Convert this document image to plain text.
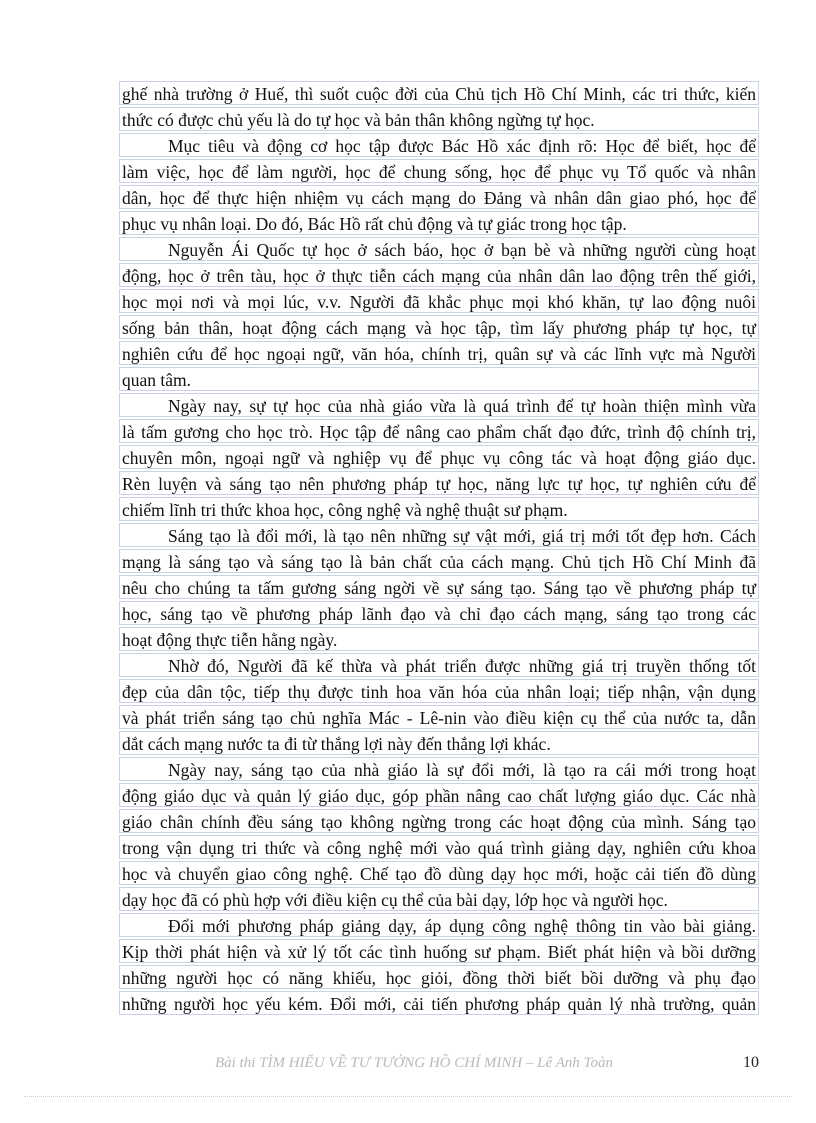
ghế nhà trường ở Huế, thì suốt cuộc đời của Chủ tịch Hồ Chí Minh, các tri thức, kiến
thức có được chủ yếu là do tự học và bản thân không ngừng tự học.
Mục tiêu và động cơ học tập được Bác Hồ xác định rõ: Học để biết, học để
làm việc, học để làm người, học để chung sống, học để phục vụ Tổ quốc và nhân
dân, học để thực hiện nhiệm vụ cách mạng do Đảng và nhân dân giao phó, học để
phục vụ nhân loại. Do đó, Bác Hồ rất chủ động và tự giác trong học tập.
Nguyễn Ái Quốc tự học ở sách báo, học ở bạn bè và những người cùng hoạt
động, học ở trên tàu, học ở thực tiễn cách mạng của nhân dân lao động trên thế giới,
học mọi nơi và mọi lúc, v.v. Người đã khắc phục mọi khó khăn, tự lao động nuôi
sống bản thân, hoạt động cách mạng và học tập, tìm lấy phương pháp tự học, tự
nghiên cứu để học ngoại ngữ, văn hóa, chính trị, quân sự và các lĩnh vực mà Người
quan tâm.
Ngày nay, sự tự học của nhà giáo vừa là quá trình để tự hoàn thiện mình vừa
là tấm gương cho học trò. Học tập để nâng cao phẩm chất đạo đức, trình độ chính trị,
chuyên môn, ngoại ngữ và nghiệp vụ để phục vụ công tác và hoạt động giáo dục.
Rèn luyện và sáng tạo nên phương pháp tự học, năng lực tự học, tự nghiên cứu để
chiếm lĩnh tri thức khoa học, công nghệ và nghệ thuật sư phạm.
Sáng tạo là đổi mới, là tạo nên những sự vật mới, giá trị mới tốt đẹp hơn. Cách
mạng là sáng tạo và sáng tạo là bản chất của cách mạng. Chủ tịch Hồ Chí Minh đã
nêu cho chúng ta tấm gương sáng ngời về sự sáng tạo. Sáng tạo về phương pháp tự
học, sáng tạo về phương pháp lãnh đạo và chỉ đạo cách mạng, sáng tạo trong các
hoạt động thực tiễn hằng ngày.
Nhờ đó, Người đã kế thừa và phát triển được những giá trị truyền thống tốt
đẹp của dân tộc, tiếp thụ được tinh hoa văn hóa của nhân loại; tiếp nhận, vận dụng
và phát triển sáng tạo chủ nghĩa Mác - Lê-nin vào điều kiện cụ thể của nước ta, dẫn
dắt cách mạng nước ta đi từ thắng lợi này đến thắng lợi khác.
Ngày nay, sáng tạo của nhà giáo là sự đổi mới, là tạo ra cái mới trong hoạt
động giáo dục và quản lý giáo dục, góp phần nâng cao chất lượng giáo dục. Các nhà
giáo chân chính đều sáng tạo không ngừng trong các hoạt động của mình. Sáng tạo
trong vận dụng tri thức và công nghệ mới vào quá trình giảng dạy, nghiên cứu khoa
học và chuyển giao công nghệ. Chế tạo đồ dùng dạy học mới, hoặc cải tiến đồ dùng
dạy học đã có phù hợp với điều kiện cụ thể của bài dạy, lớp học và người học.
Đổi mới phương pháp giảng dạy, áp dụng công nghệ thông tin vào bài giảng.
Kịp thời phát hiện và xử lý tốt các tình huống sư phạm. Biết phát hiện và bồi dưỡng
những người học có năng khiếu, học giỏi, đồng thời biết bồi dưỡng và phụ đạo
những người học yếu kém. Đổi mới, cải tiến phương pháp quản lý nhà trường, quản
Bài thi TÌM HIỂU VỀ TƯ TƯỞNG HỒ CHÍ MINH – Lê Anh Toàn	10
